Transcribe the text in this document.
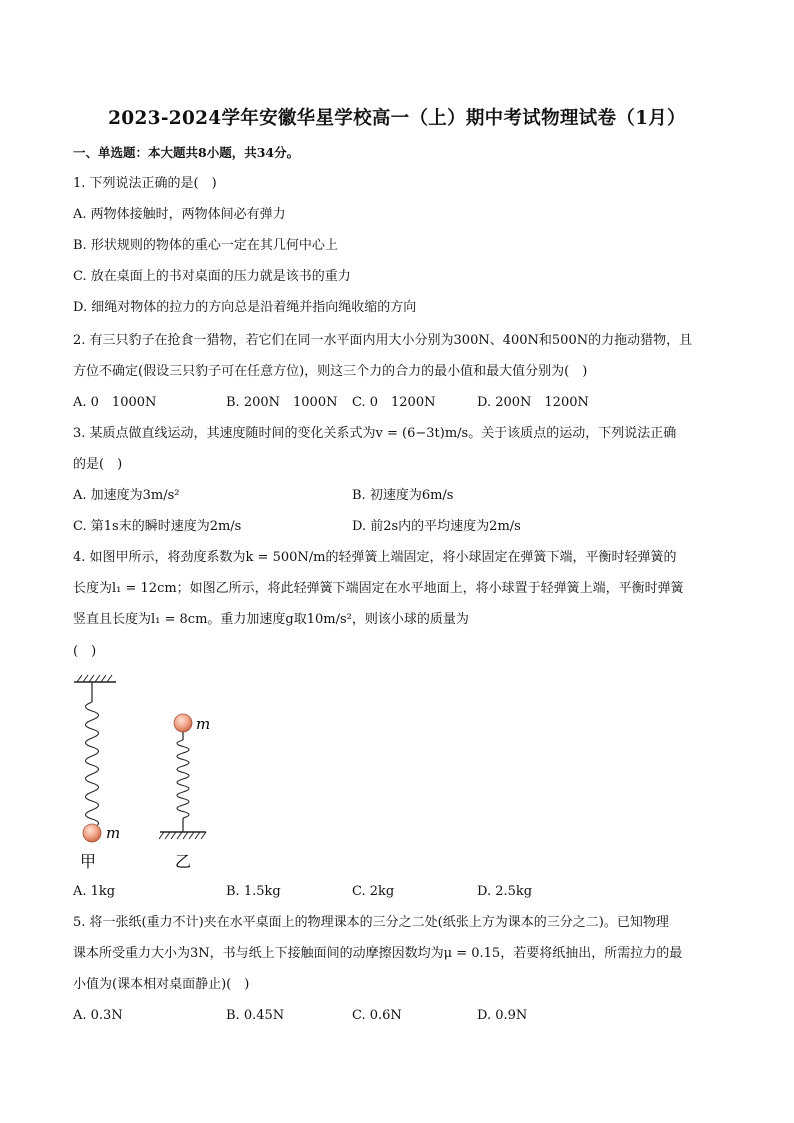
2023-2024学年安徽华星学校高一（上）期中考试物理试卷（1月）
一、单选题：本大题共8小题，共34分。
1. 下列说法正确的是(　)
A. 两物体接触时，两物体间必有弹力
B. 形状规则的物体的重心一定在其几何中心上
C. 放在桌面上的书对桌面的压力就是该书的重力
D. 细绳对物体的拉力的方向总是沿着绳并指向绳收缩的方向
2. 有三只豹子在抢食一猎物，若它们在同一水平面内用大小分别为300N、400N和500N的力拖动猎物，且
方位不确定(假设三只豹子可在任意方位)，则这三个力的合力的最小值和最大值分别为(　)
A. 0　1000N	B. 200N　1000N C. 0　1200N	D. 200N　1200N
3. 某质点做直线运动，其速度随时间的变化关系式为v = (6−3t)m/s。关于该质点的运动，下列说法正确
的是(　)
A. 加速度为3m/s²	B. 初速度为6m/s
C. 第1s末的瞬时速度为2m/s	D. 前2s内的平均速度为2m/s
4. 如图甲所示，将劲度系数为k = 500N/m的轻弹簧上端固定，将小球固定在弹簧下端，平衡时轻弹簧的
长度为l₁ = 12cm；如图乙所示，将此轻弹簧下端固定在水平地面上，将小球置于轻弹簧上端，平衡时弹簧
竖直且长度为l₁ = 8cm。重力加速度g取10m/s²，则该小球的质量为
(　)
m
甲
m
乙
A. 1kg	B. 1.5kg	C. 2kg	D. 2.5kg
5. 将一张纸(重力不计)夹在水平桌面上的物理课本的三分之二处(纸张上方为课本的三分之二)。已知物理
课本所受重力大小为3N，书与纸上下接触面间的动摩擦因数均为μ = 0.15，若要将纸抽出，所需拉力的最
小值为(课本相对桌面静止)(　)
A. 0.3N	B. 0.45N	C. 0.6N	D. 0.9N
